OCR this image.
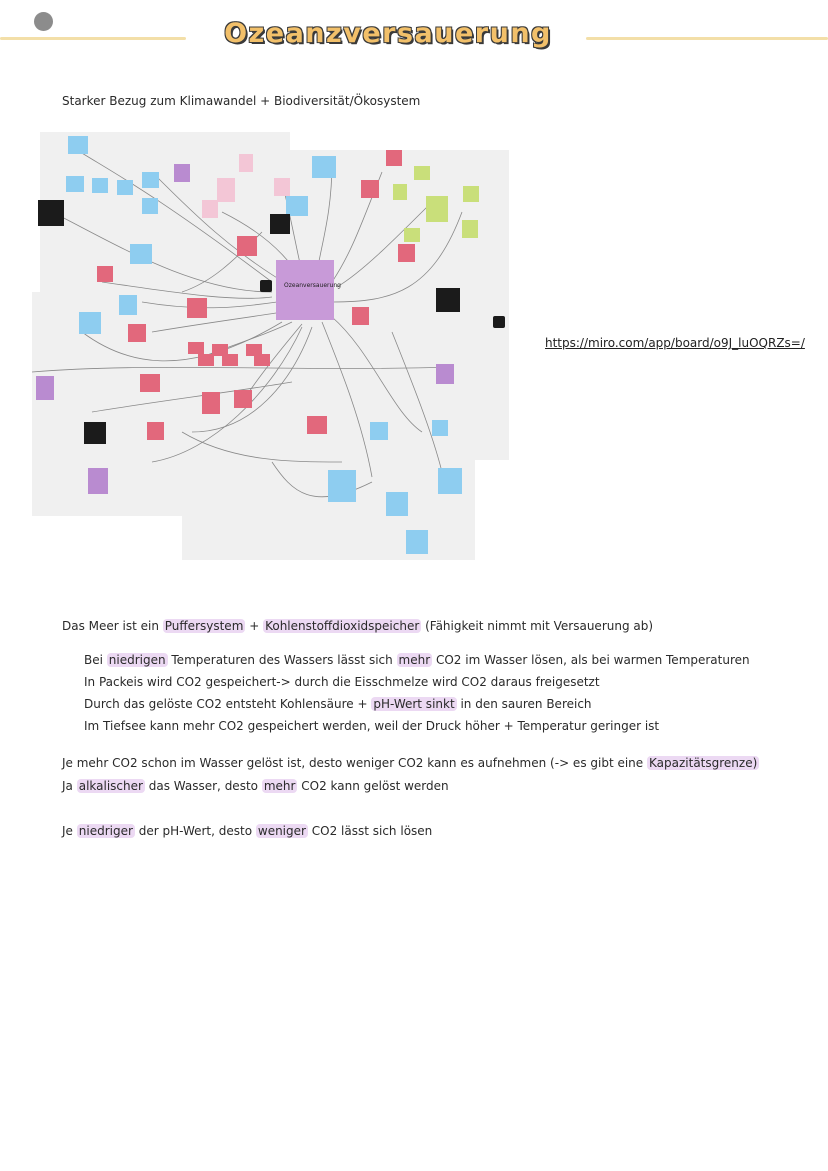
Ozeanzversauerung
Starker Bezug zum Klimawandel + Biodiversität/Ökosystem
Ozeanversauerung
https://miro.com/app/board/o9J_luOQRZs=/
Das Meer ist ein Puffersystem + Kohlenstoffdioxidspeicher (Fähigkeit nimmt mit Versauerung ab)
Bei niedrigen Temperaturen des Wassers lässt sich mehr CO2 im Wasser lösen, als bei warmen Temperaturen
In Packeis wird CO2 gespeichert-> durch die Eisschmelze wird CO2 daraus freigesetzt
Durch das gelöste CO2 entsteht Kohlensäure + pH-Wert sinkt in den sauren Bereich
Im Tiefsee kann mehr CO2 gespeichert werden, weil der Druck höher + Temperatur geringer ist
Je mehr CO2 schon im Wasser gelöst ist, desto weniger CO2 kann es aufnehmen (-> es gibt eine Kapazitätsgrenze)
Ja alkalischer das Wasser, desto mehr CO2 kann gelöst werden
Je niedriger der pH-Wert, desto weniger CO2 lässt sich lösen
